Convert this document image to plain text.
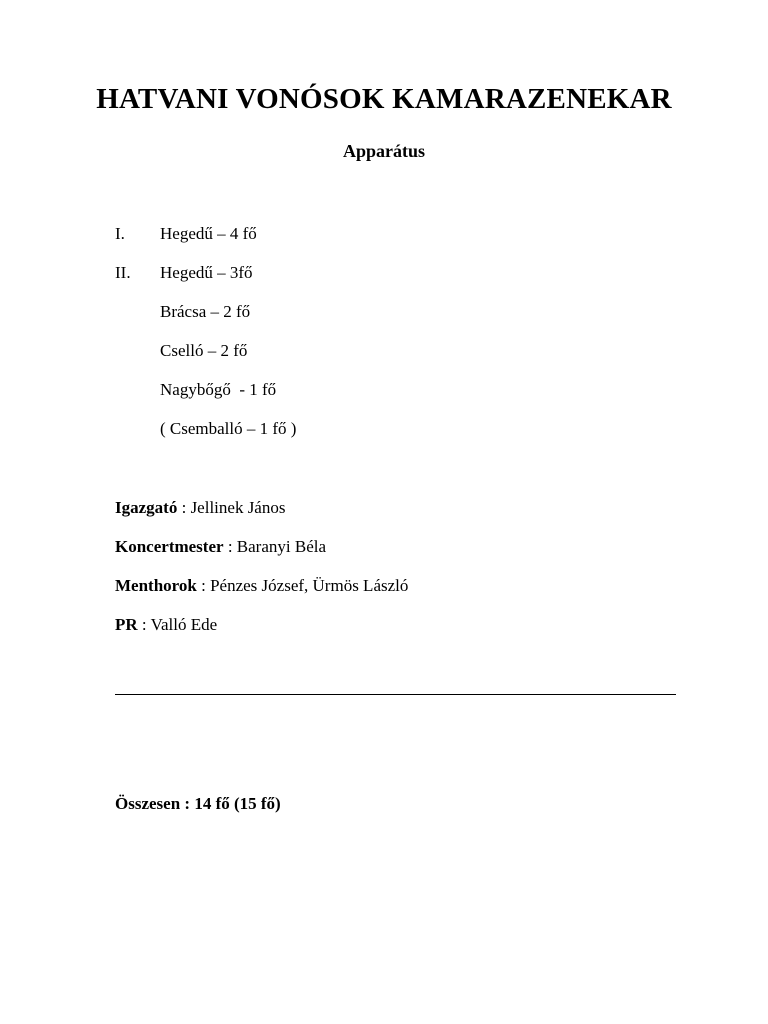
HATVANI VONÓSOK KAMARAZENEKAR
Apparátus
I. Hegedű – 4 fő
II. Hegedű – 3fő
Brácsa – 2 fő
Cselló – 2 fő
Nagybőgő  - 1 fő
( Csemballó – 1 fő )
Igazgató : Jellinek János
Koncertmester : Baranyi Béla
Menthorok : Pénzes József, Ürmös László
PR : Valló Ede
Összesen : 14 fő (15 fő)
